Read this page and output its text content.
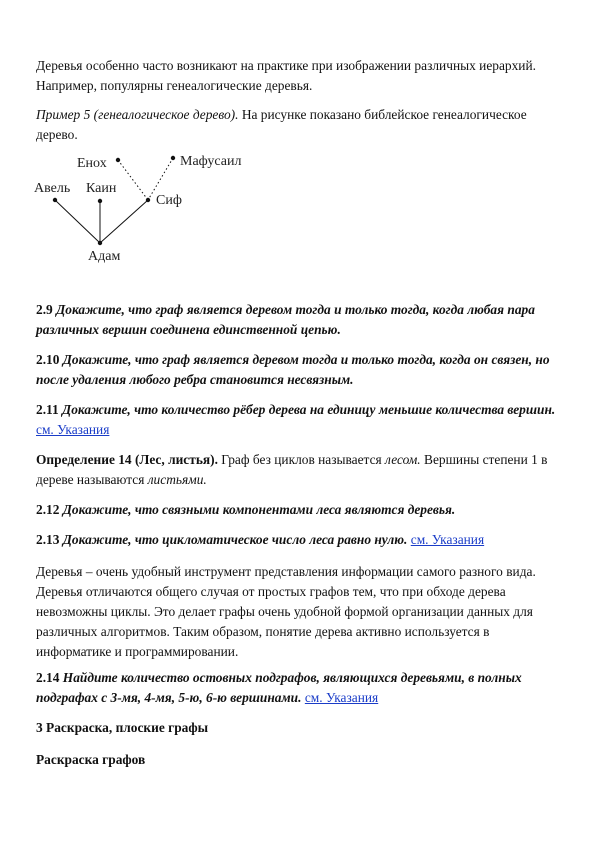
Деревья особенно часто возникают на практике при изображении различных иерархий. Например, популярны генеалогические деревья.

Пример 5 (генеалогическое дерево). На рисунке показано библейское генеалогическое дерево.

Енох	Мафусаил
Авель Каин
Сиф
Адам

2.9 Докажите, что граф является деревом тогда и только тогда, когда любая пара различных вершин соединена единственной цепью.

2.10 Докажите, что граф является деревом тогда и только тогда, когда он связен, но после удаления любого ребра становится несвязным.

2.11 Докажите, что количество рёбер дерева на единицу меньшие количества вершин. см. Указания

Определение 14 (Лес, листья). Граф без циклов называется лесом. Вершины степени 1 в дереве называются листьями.

2.12 Докажите, что связными компонентами леса являются деревья.

2.13 Докажите, что цикломатическое число леса равно нулю. см. Указания

Деревья – очень удобный инструмент представления информации самого разного вида. Деревья отличаются общего случая от простых графов тем, что при обходе дерева невозможны циклы. Это делает графы очень удобной формой организации данных для различных алгоритмов. Таким образом, понятие дерева активно используется в информатике и программировании.

2.14 Найдите количество остовных подграфов, являющихся деревьями, в полных подграфах с 3-мя, 4-мя, 5-ю, 6-ю вершинами. см. Указания

3 Раскраска, плоские графы

Раскраска графов
